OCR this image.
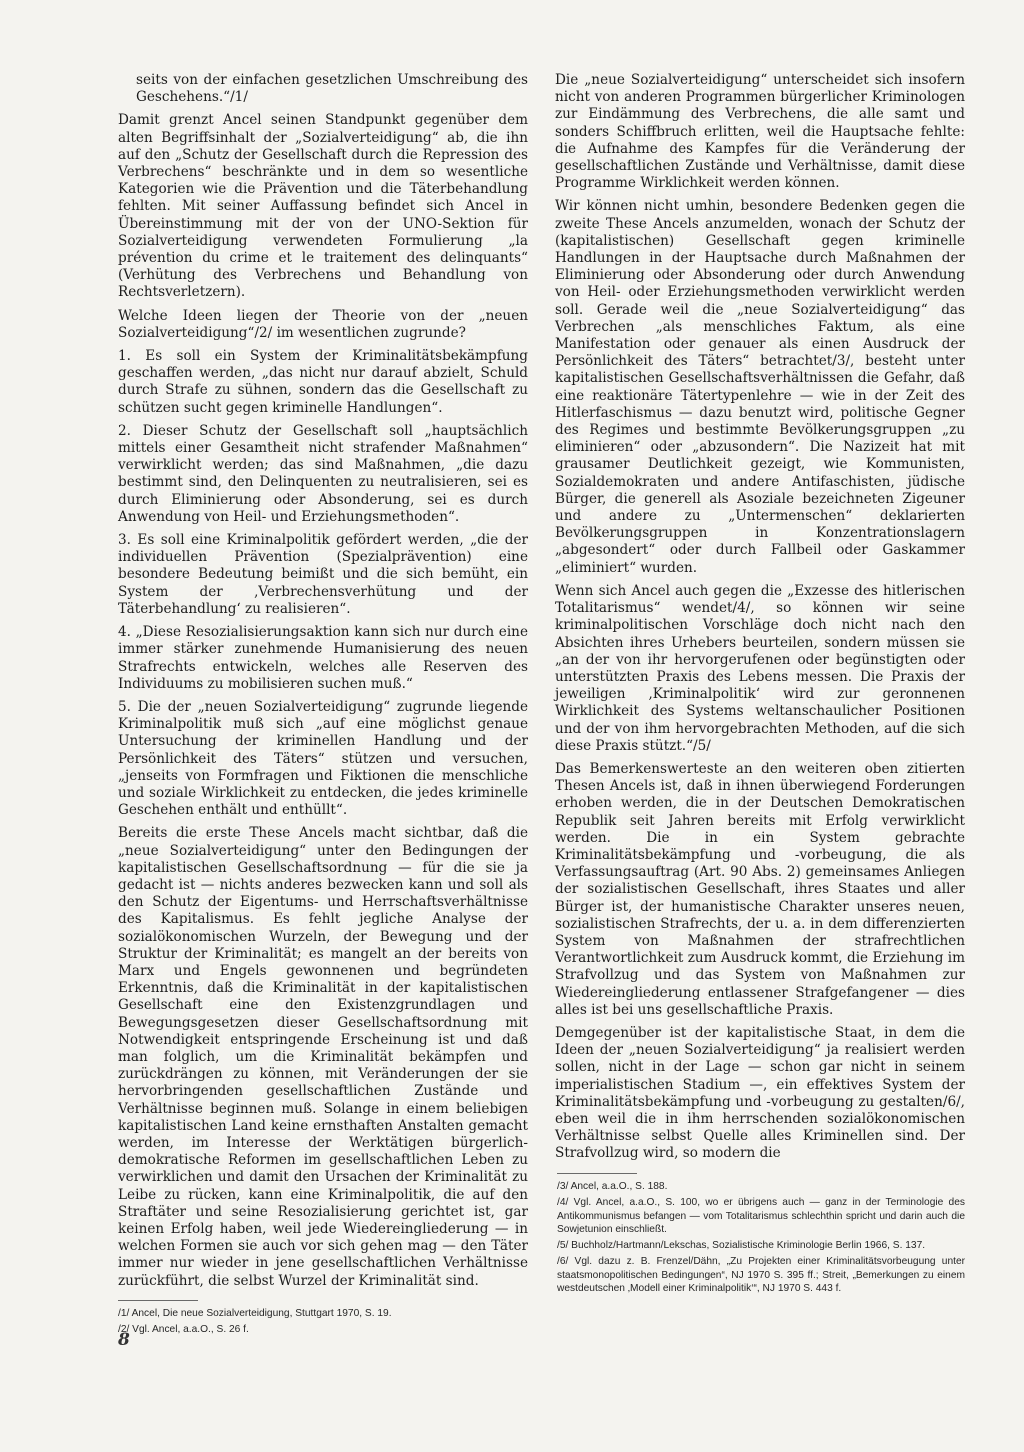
seits von der einfachen gesetzlichen Umschreibung des Geschehens.“/1/

Damit grenzt Ancel seinen Standpunkt gegenüber dem alten Begriffsinhalt der „Sozialverteidigung“ ab, die ihn auf den „Schutz der Gesellschaft durch die Repression des Verbrechens“ beschränkte und in dem so wesentliche Kategorien wie die Prävention und die Täterbehandlung fehlten. Mit seiner Auffassung befindet sich Ancel in Übereinstimmung mit der von der UNO-Sektion für Sozialverteidigung verwendeten Formulierung „la prévention du crime et le traitement des delinquants“ (Verhütung des Verbrechens und Behandlung von Rechtsverletzern).

Welche Ideen liegen der Theorie von der „neuen Sozialverteidigung“/2/ im wesentlichen zugrunde?

1. Es soll ein System der Kriminalitätsbekämpfung geschaffen werden, „das nicht nur darauf abzielt, Schuld durch Strafe zu sühnen, sondern das die Gesellschaft zu schützen sucht gegen kriminelle Handlungen“.

2. Dieser Schutz der Gesellschaft soll „hauptsächlich mittels einer Gesamtheit nicht strafender Maßnahmen“ verwirklicht werden; das sind Maßnahmen, „die dazu bestimmt sind, den Delinquenten zu neutralisieren, sei es durch Eliminierung oder Absonderung, sei es durch Anwendung von Heil- und Erziehungsmethoden“.

3. Es soll eine Kriminalpolitik gefördert werden, „die der individuellen Prävention (Spezialprävention) eine besondere Bedeutung beimißt und die sich bemüht, ein System der ‚Verbrechensverhütung und der Täterbehandlung‘ zu realisieren“.

4. „Diese Resozialisierungsaktion kann sich nur durch eine immer stärker zunehmende Humanisierung des neuen Strafrechts entwickeln, welches alle Reserven des Individuums zu mobilisieren suchen muß.“

5. Die der „neuen Sozialverteidigung“ zugrunde liegende Kriminalpolitik muß sich „auf eine möglichst genaue Untersuchung der kriminellen Handlung und der Persönlichkeit des Täters“ stützen und versuchen, „jenseits von Formfragen und Fiktionen die menschliche und soziale Wirklichkeit zu entdecken, die jedes kriminelle Geschehen enthält und enthüllt“.

Bereits die erste These Ancels macht sichtbar, daß die „neue Sozialverteidigung“ unter den Bedingungen der kapitalistischen Gesellschaftsordnung — für die sie ja gedacht ist — nichts anderes bezwecken kann und soll als den Schutz der Eigentums- und Herrschaftsverhältnisse des Kapitalismus. Es fehlt jegliche Analyse der sozialökonomischen Wurzeln, der Bewegung und der Struktur der Kriminalität; es mangelt an der bereits von Marx und Engels gewonnenen und begründeten Erkenntnis, daß die Kriminalität in der kapitalistischen Gesellschaft eine den Existenzgrundlagen und Bewegungsgesetzen dieser Gesellschaftsordnung mit Notwendigkeit entspringende Erscheinung ist und daß man folglich, um die Kriminalität bekämpfen und zurückdrängen zu können, mit Veränderungen der sie hervorbringenden gesellschaftlichen Zustände und Verhältnisse beginnen muß. Solange in einem beliebigen kapitalistischen Land keine ernsthaften Anstalten gemacht werden, im Interesse der Werktätigen bürgerlich-demokratische Reformen im gesellschaftlichen Leben zu verwirklichen und damit den Ursachen der Kriminalität zu Leibe zu rücken, kann eine Kriminalpolitik, die auf den Straftäter und seine Resozialisierung gerichtet ist, gar keinen Erfolg haben, weil jede Wiedereingliederung — in welchen Formen sie auch vor sich gehen mag — den Täter immer nur wieder in jene gesellschaftlichen Verhältnisse zurückführt, die selbst Wurzel der Kriminalität sind.

/1/ Ancel, Die neue Sozialverteidigung, Stuttgart 1970, S. 19.

/2/ Vgl. Ancel, a.a.O., S. 26 f.

Die „neue Sozialverteidigung“ unterscheidet sich insofern nicht von anderen Programmen bürgerlicher Kriminologen zur Eindämmung des Verbrechens, die alle samt und sonders Schiffbruch erlitten, weil die Hauptsache fehlte: die Aufnahme des Kampfes für die Veränderung der gesellschaftlichen Zustände und Verhältnisse, damit diese Programme Wirklichkeit werden können.

Wir können nicht umhin, besondere Bedenken gegen die zweite These Ancels anzumelden, wonach der Schutz der (kapitalistischen) Gesellschaft gegen kriminelle Handlungen in der Hauptsache durch Maßnahmen der Eliminierung oder Absonderung oder durch Anwendung von Heil- oder Erziehungsmethoden verwirklicht werden soll. Gerade weil die „neue Sozialverteidigung“ das Verbrechen „als menschliches Faktum, als eine Manifestation oder genauer als einen Ausdruck der Persönlichkeit des Täters“ betrachtet/3/, besteht unter kapitalistischen Gesellschaftsverhältnissen die Gefahr, daß eine reaktionäre Tätertypenlehre — wie in der Zeit des Hitlerfaschismus — dazu benutzt wird, politische Gegner des Regimes und bestimmte Bevölkerungsgruppen „zu eliminieren“ oder „abzusondern“. Die Nazizeit hat mit grausamer Deutlichkeit gezeigt, wie Kommunisten, Sozialdemokraten und andere Antifaschisten, jüdische Bürger, die generell als Asoziale bezeichneten Zigeuner und andere zu „Untermenschen“ deklarierten Bevölkerungsgruppen in Konzentrationslagern „abgesondert“ oder durch Fallbeil oder Gaskammer „eliminiert“ wurden.

Wenn sich Ancel auch gegen die „Exzesse des hitlerischen Totalitarismus“ wendet/4/, so können wir seine kriminalpolitischen Vorschläge doch nicht nach den Absichten ihres Urhebers beurteilen, sondern müssen sie „an der von ihr hervorgerufenen oder begünstigten oder unterstützten Praxis des Lebens messen. Die Praxis der jeweiligen ‚Kriminalpolitik‘ wird zur geronnenen Wirklichkeit des Systems weltanschaulicher Positionen und der von ihm hervorgebrachten Methoden, auf die sich diese Praxis stützt.“/5/

Das Bemerkenswerteste an den weiteren oben zitierten Thesen Ancels ist, daß in ihnen überwiegend Forderungen erhoben werden, die in der Deutschen Demokratischen Republik seit Jahren bereits mit Erfolg verwirklicht werden. Die in ein System gebrachte Kriminalitätsbekämpfung und -vorbeugung, die als Verfassungsauftrag (Art. 90 Abs. 2) gemeinsames Anliegen der sozialistischen Gesellschaft, ihres Staates und aller Bürger ist, der humanistische Charakter unseres neuen, sozialistischen Strafrechts, der u. a. in dem differenzierten System von Maßnahmen der strafrechtlichen Verantwortlichkeit zum Ausdruck kommt, die Erziehung im Strafvollzug und das System von Maßnahmen zur Wiedereingliederung entlassener Strafgefangener — dies alles ist bei uns gesellschaftliche Praxis.

Demgegenüber ist der kapitalistische Staat, in dem die Ideen der „neuen Sozialverteidigung“ ja realisiert werden sollen, nicht in der Lage — schon gar nicht in seinem imperialistischen Stadium —, ein effektives System der Kriminalitätsbekämpfung und -vorbeugung zu gestalten/6/, eben weil die in ihm herrschenden sozialökonomischen Verhältnisse selbst Quelle alles Kriminellen sind. Der Strafvollzug wird, so modern die

/3/ Ancel, a.a.O., S. 188.

/4/ Vgl. Ancel, a.a.O., S. 100, wo er übrigens auch — ganz in der Terminologie des Antikommunismus befangen — vom Totalitarismus schlechthin spricht und darin auch die Sowjetunion einschließt.

/5/ Buchholz/Hartmann/Lekschas, Sozialistische Kriminologie Berlin 1966, S. 137.

/6/ Vgl. dazu z. B. Frenzel/Dähn, „Zu Projekten einer Kriminalitätsvorbeugung unter staatsmonopolitischen Bedingungen“, NJ 1970 S. 395 ff.; Streit, „Bemerkungen zu einem westdeutschen ‚Modell einer Kriminalpolitik‘“, NJ 1970 S. 443 f.

8
